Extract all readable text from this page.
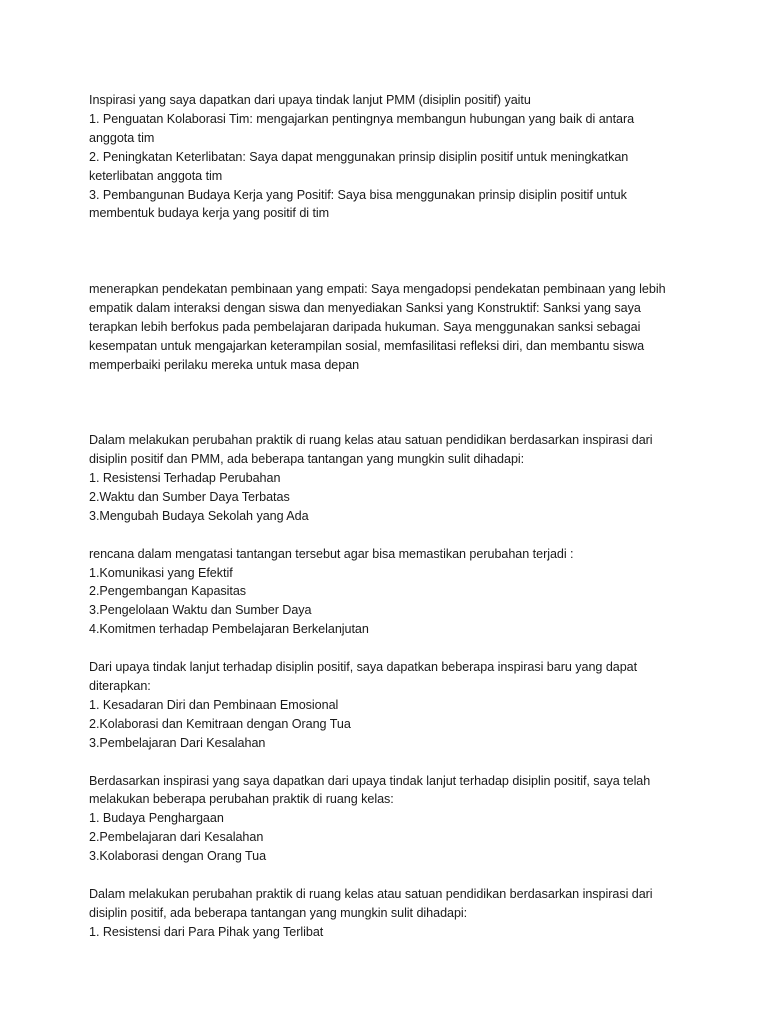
Inspirasi yang saya dapatkan dari upaya tindak lanjut PMM (disiplin positif) yaitu
1. Penguatan Kolaborasi Tim: mengajarkan pentingnya membangun hubungan yang baik di antara
anggota tim
2. Peningkatan Keterlibatan: Saya dapat menggunakan prinsip disiplin positif untuk meningkatkan
keterlibatan anggota tim
3. Pembangunan Budaya Kerja yang Positif: Saya bisa menggunakan prinsip disiplin positif untuk
membentuk budaya kerja yang positif di tim

menerapkan pendekatan pembinaan yang empati: Saya mengadopsi pendekatan pembinaan yang lebih
empatik dalam interaksi dengan siswa dan menyediakan Sanksi yang Konstruktif: Sanksi yang saya
terapkan lebih berfokus pada pembelajaran daripada hukuman. Saya menggunakan sanksi sebagai
kesempatan untuk mengajarkan keterampilan sosial, memfasilitasi refleksi diri, dan membantu siswa
memperbaiki perilaku mereka untuk masa depan

Dalam melakukan perubahan praktik di ruang kelas atau satuan pendidikan berdasarkan inspirasi dari
disiplin positif dan PMM, ada beberapa tantangan yang mungkin sulit dihadapi:
1. Resistensi Terhadap Perubahan
2.Waktu dan Sumber Daya Terbatas
3.Mengubah Budaya Sekolah yang Ada

rencana dalam mengatasi tantangan tersebut agar bisa memastikan perubahan terjadi :
1.Komunikasi yang Efektif
2.Pengembangan Kapasitas
3.Pengelolaan Waktu dan Sumber Daya
4.Komitmen terhadap Pembelajaran Berkelanjutan

Dari upaya tindak lanjut terhadap disiplin positif, saya dapatkan beberapa inspirasi baru yang dapat
diterapkan:
1. Kesadaran Diri dan Pembinaan Emosional
2.Kolaborasi dan Kemitraan dengan Orang Tua
3.Pembelajaran Dari Kesalahan

Berdasarkan inspirasi yang saya dapatkan dari upaya tindak lanjut terhadap disiplin positif, saya telah
melakukan beberapa perubahan praktik di ruang kelas:
1. Budaya Penghargaan
2.Pembelajaran dari Kesalahan
3.Kolaborasi dengan Orang Tua

Dalam melakukan perubahan praktik di ruang kelas atau satuan pendidikan berdasarkan inspirasi dari
disiplin positif, ada beberapa tantangan yang mungkin sulit dihadapi:
1. Resistensi dari Para Pihak yang Terlibat
